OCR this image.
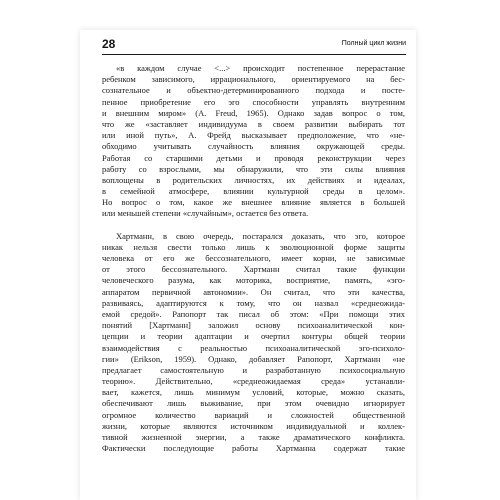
28	Полный цикл жизни
«в каждом случае <...> происходит постепенное перерастание
ребенком зависимого, иррационального, ориентируемого на бес-
сознательное и объектно-детерминированного подхода и посте-
пенное приобретение его эго способности управлять внутренним
и внешним миром» (A. Freud, 1965). Однако задав вопрос о том,
что же «заставляет индивидуума в своем развитии выбирать тот
или иной путь», А. Фрейд высказывает предположение, что «не-
обходимо учитывать случайность влияния окружающей среды.
Работая со старшими детьми и проводя реконструкции через
работу со взрослыми, мы обнаружили, что эти силы влияния
воплощены в родительских личностях, их действиях и идеалах,
в семейной атмосфере, влиянии культурной среды в целом».
Но вопрос о том, какое же внешнее влияние является в большей
или меньшей степени «случайным», остается без ответа.
Хартманн, в свою очередь, постарался доказать, что эго, которое
никак нельзя свести только лишь к эволюционной форме защиты
человека от его же бессознательного, имеет корни, не зависимые
от этого бессознательного. Хартманн считал такие функции
человеческого разума, как моторика, восприятие, память, «эго-
аппаратом первичной автономии». Он считал, что эти качества,
развиваясь, адаптируются к тому, что он назвал «среднеожида-
емой средой». Рапопорт так писал об этом: «При помощи этих
понятий [Хартманн] заложил основу психоаналитической кон-
цепции и теории адаптации и очертил контуры общей теории
взаимодействия с реальностью психоаналитической эго-психоло-
гии» (Erikson, 1959). Однако, добавляет Рапопорт, Хартманн «не
предлагает самостоятельную и разработанную психосоциальную
теорию». Действительно, «среднеожидаемая среда» устанавли-
вает, кажется, лишь минимум условий, которые, можно сказать,
обеспечивают лишь выживание, при этом очевидно игнорирует
огромное количество вариаций и сложностей общественной
жизни, которые являются источником индивидуальной и коллек-
тивной жизненной энергии, а также драматического конфликта.
Фактически последующие работы Хартманна содержат такие
